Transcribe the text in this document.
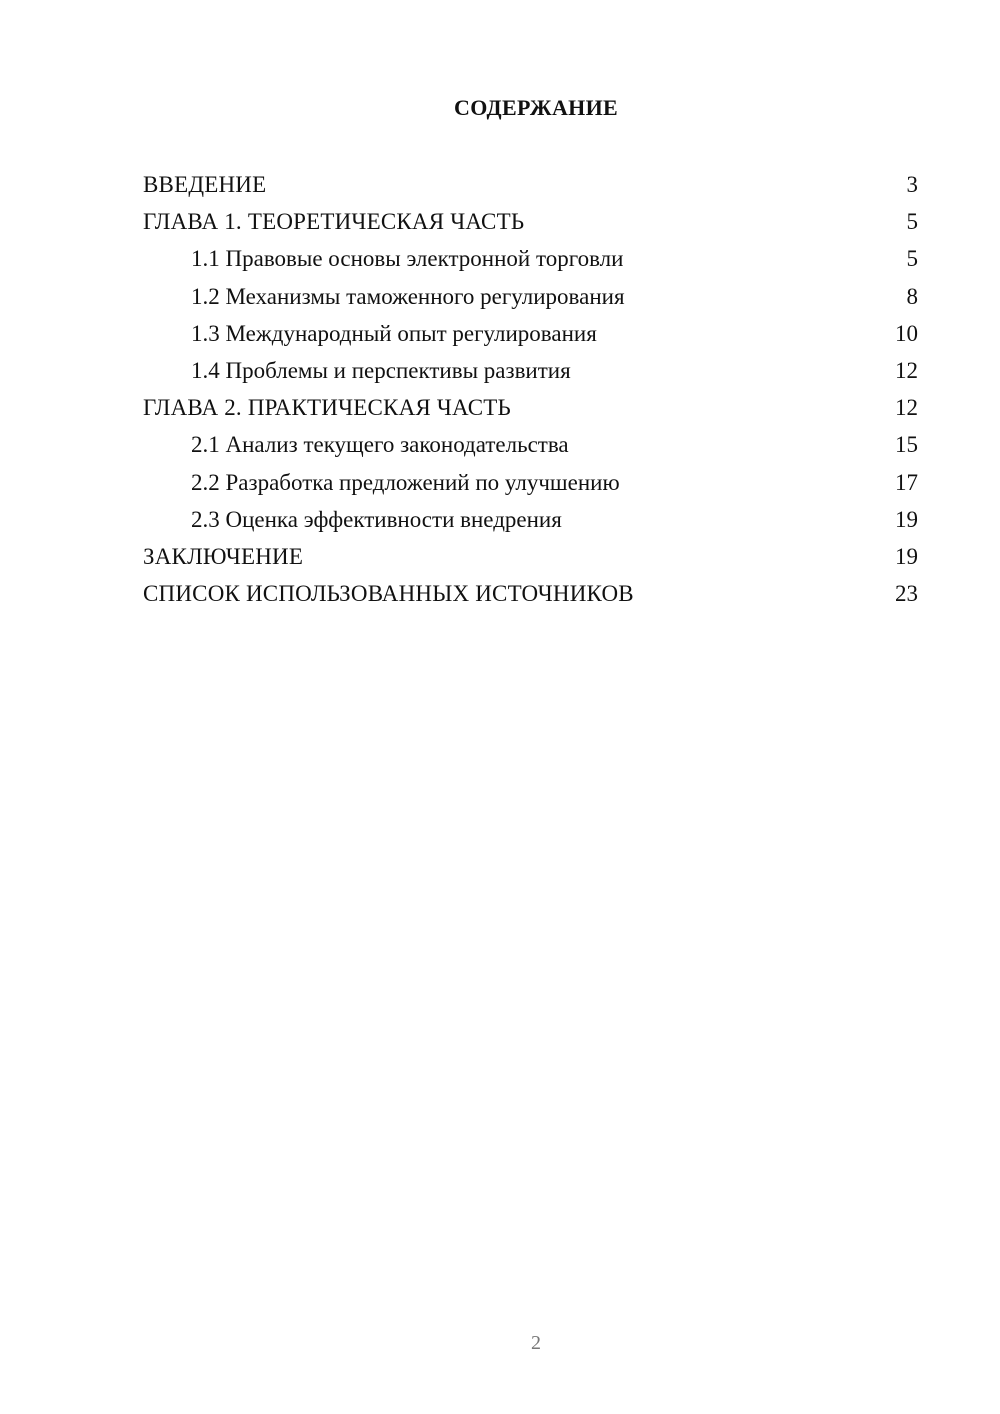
СОДЕРЖАНИЕ
ВВЕДЕНИЕ	3
ГЛАВА 1. ТЕОРЕТИЧЕСКАЯ ЧАСТЬ	5
1.1 Правовые основы электронной торговли	5
1.2 Механизмы таможенного регулирования	8
1.3 Международный опыт регулирования	10
1.4 Проблемы и перспективы развития	12
ГЛАВА 2. ПРАКТИЧЕСКАЯ ЧАСТЬ	12
2.1 Анализ текущего законодательства	15
2.2 Разработка предложений по улучшению	17
2.3 Оценка эффективности внедрения	19
ЗАКЛЮЧЕНИЕ	19
СПИСОК ИСПОЛЬЗОВАННЫХ ИСТОЧНИКОВ	23
2
